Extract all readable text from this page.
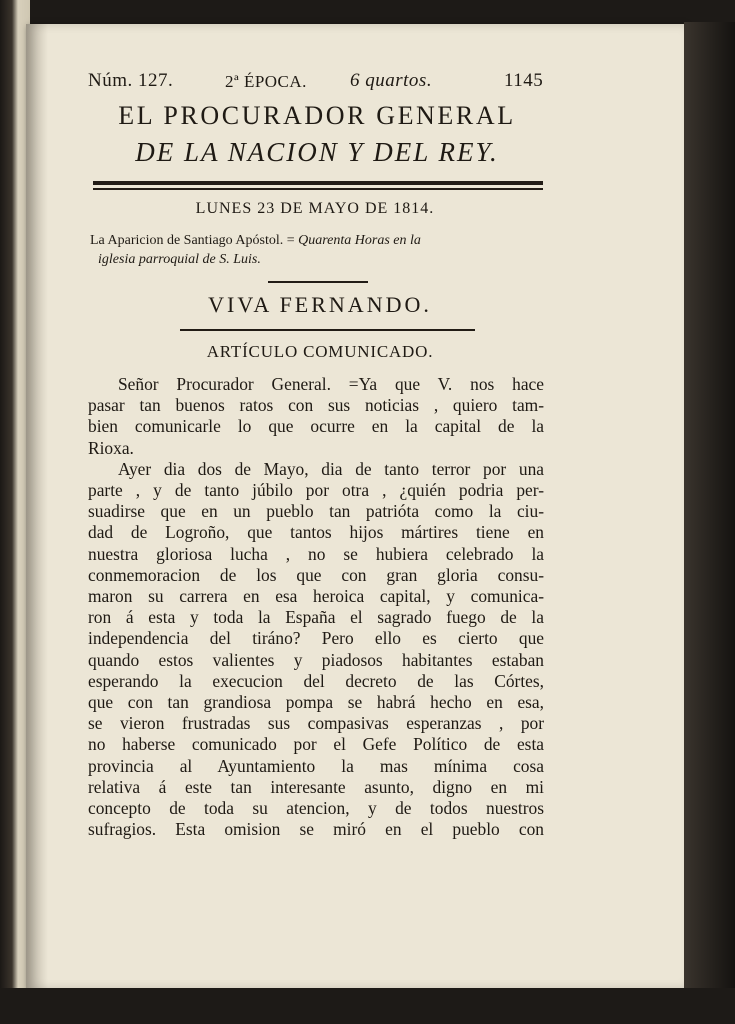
Núm. 127.	2ª ÉPOCA. 6 quartos.	1145
EL PROCURADOR GENERAL
DE LA NACION Y DEL REY.
LUNES 23 DE MAYO DE 1814.
La Aparicion de Santiago Apóstol. = Quarenta Horas en la
iglesia parroquial de S. Luis.
VIVA FERNANDO.
ARTÍCULO COMUNICADO.
Señor Procurador General. =Ya que V. nos hace
pasar tan buenos ratos con sus noticias , quiero tam-
bien comunicarle lo que ocurre en la capital de la
Rioxa.
Ayer dia dos de Mayo, dia de tanto terror por una
parte , y de tanto júbilo por otra , ¿quién podria per-
suadirse que en un pueblo tan patrióta como la ciu-
dad de Logroño, que tantos hijos mártires tiene en
nuestra gloriosa lucha , no se hubiera celebrado la
conmemoracion de los que con gran gloria consu-
maron su carrera en esa heroica capital, y comunica-
ron á esta y toda la España el sagrado fuego de la
independencia del tiráno? Pero ello es cierto que
quando estos valientes y piadosos habitantes estaban
esperando la execucion del decreto de las Córtes,
que con tan grandiosa pompa se habrá hecho en esa,
se vieron frustradas sus compasivas esperanzas , por
no haberse comunicado por el Gefe Político de esta
provincia al Ayuntamiento la mas mínima cosa
relativa á este tan interesante asunto, digno en mi
concepto de toda su atencion, y de todos nuestros
sufragios. Esta omision se miró en el pueblo con
